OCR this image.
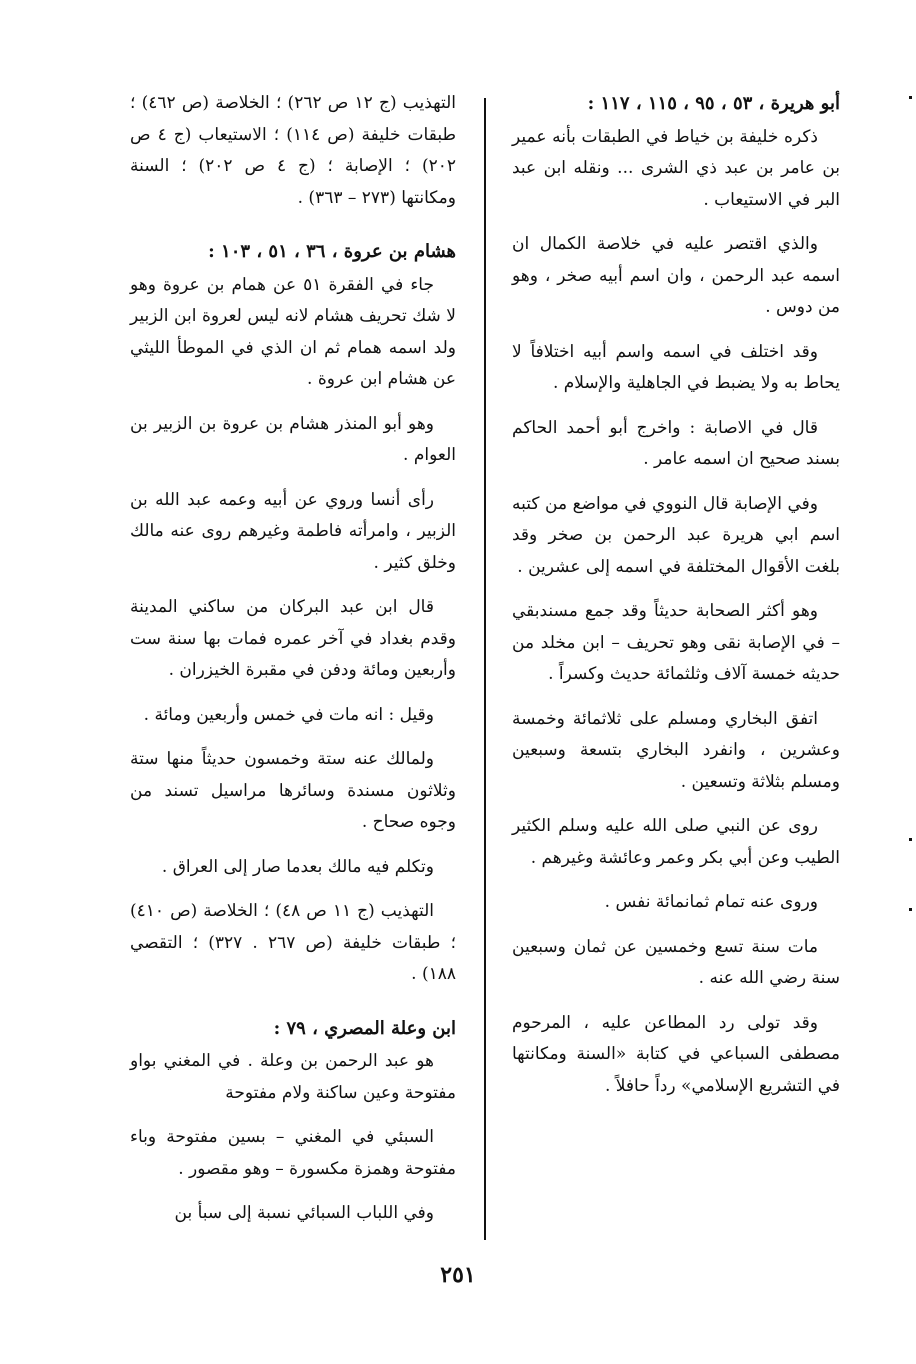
أبو هريرة ، ٥٣ ، ٩٥ ، ١١٥ ، ١١٧ :

ذكره خليفة بن خياط في الطبقات بأنه عمير بن عامر بن عبد ذي الشرى ... ونقله ابن عبد البر في الاستيعاب .

والذي اقتصر عليه في خلاصة الكمال ان اسمه عبد الرحمن ، وان اسم أبيه صخر ، وهو من دوس .

وقد اختلف في اسمه واسم أبيه اختلافاً لا يحاط به ولا يضبط في الجاهلية والإسلام .

قال في الاصابة : واخرج أبو أحمد الحاكم بسند صحيح ان اسمه عامر .

وفي الإصابة قال النووي في مواضع من كتبه اسم ابي هريرة عبد الرحمن بن صخر وقد بلغت الأقوال المختلفة في اسمه إلى عشرين .

وهو أكثر الصحابة حديثاً وقد جمع مسندبقي – في الإصابة نقى وهو تحريف – ابن مخلد من حديثه خمسة آلاف وثلثمائة حديث وكسراً .

اتفق البخاري ومسلم على ثلاثمائة وخمسة وعشرين ، وانفرد البخاري بتسعة وسبعين ومسلم بثلاثة وتسعين .

روى عن النبي صلى الله عليه وسلم الكثير الطيب وعن أبي بكر وعمر وعائشة وغيرهم .

وروى عنه تمام ثمانمائة نفس .

مات سنة تسع وخمسين عن ثمان وسبعين سنة رضي الله عنه .

وقد تولى رد المطاعن عليه ، المرحوم مصطفى السباعي في كتابة «السنة ومكانتها في التشريع الإسلامي» رداً حافلاً .

التهذيب (ج ١٢ ص ٢٦٢) ؛ الخلاصة (ص ٤٦٢) ؛ طبقات خليفة (ص ١١٤) ؛ الاستيعاب (ج ٤ ص ٢٠٢) ؛ الإصابة ؛ (ج ٤ ص ٢٠٢) ؛ السنة ومكانتها (٢٧٣ – ٣٦٣) .

هشام بن عروة ، ٣٦ ، ٥١ ، ١٠٣ :

جاء في الفقرة ٥١ عن همام بن عروة وهو لا شك تحريف هشام لانه ليس لعروة ابن الزبير ولد اسمه همام ثم ان الذي في الموطأ الليثي عن هشام ابن عروة .

وهو أبو المنذر هشام بن عروة بن الزبير بن العوام .

رأى أنسا وروي عن أبيه وعمه عبد الله بن الزبير ، وامرأته فاطمة وغيرهم روى عنه مالك وخلق كثير .

قال ابن عبد البركان من ساكني المدينة وقدم بغداد في آخر عمره فمات بها سنة ست وأربعين ومائة ودفن في مقبرة الخيزران .

وقيل : انه مات في خمس وأربعين ومائة .

ولمالك عنه ستة وخمسون حديثاً منها ستة وثلاثون مسندة وسائرها مراسيل تسند من وجوه صحاح .

وتكلم فيه مالك بعدما صار إلى العراق .

التهذيب (ج ١١ ص ٤٨) ؛ الخلاصة (ص ٤١٠) ؛ طبقات خليفة (ص ٢٦٧ . ٣٢٧) ؛ التقصي ١٨٨) .

ابن وعلة المصري ، ٧٩ :

هو عبد الرحمن بن وعلة . في المغني بواو مفتوحة وعين ساكنة ولام مفتوحة

السبئي في المغني – بسين مفتوحة وباء مفتوحة وهمزة مكسورة – وهو مقصور .

وفي اللباب السبائي نسبة إلى سبأ بن

٢٥١
